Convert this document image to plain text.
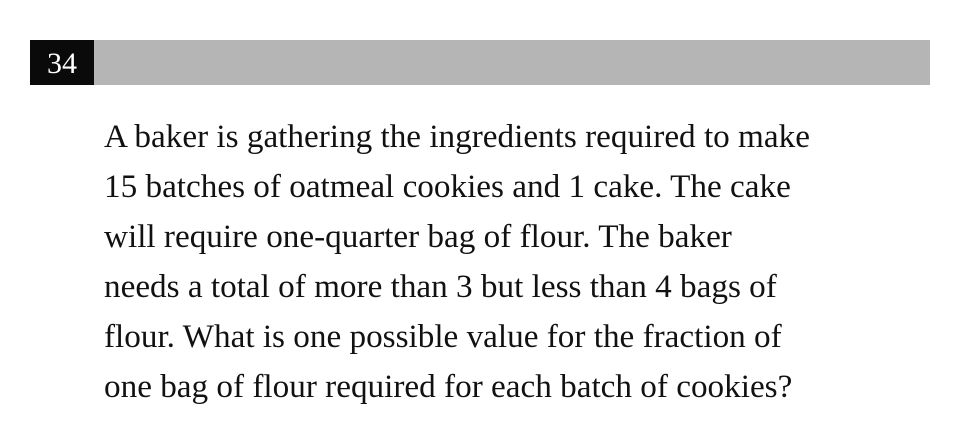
34

A baker is gathering the ingredients required to make
15 batches of oatmeal cookies and 1 cake. The cake
will require one-quarter bag of flour. The baker
needs a total of more than 3 but less than 4 bags of
flour. What is one possible value for the fraction of
one bag of flour required for each batch of cookies?
